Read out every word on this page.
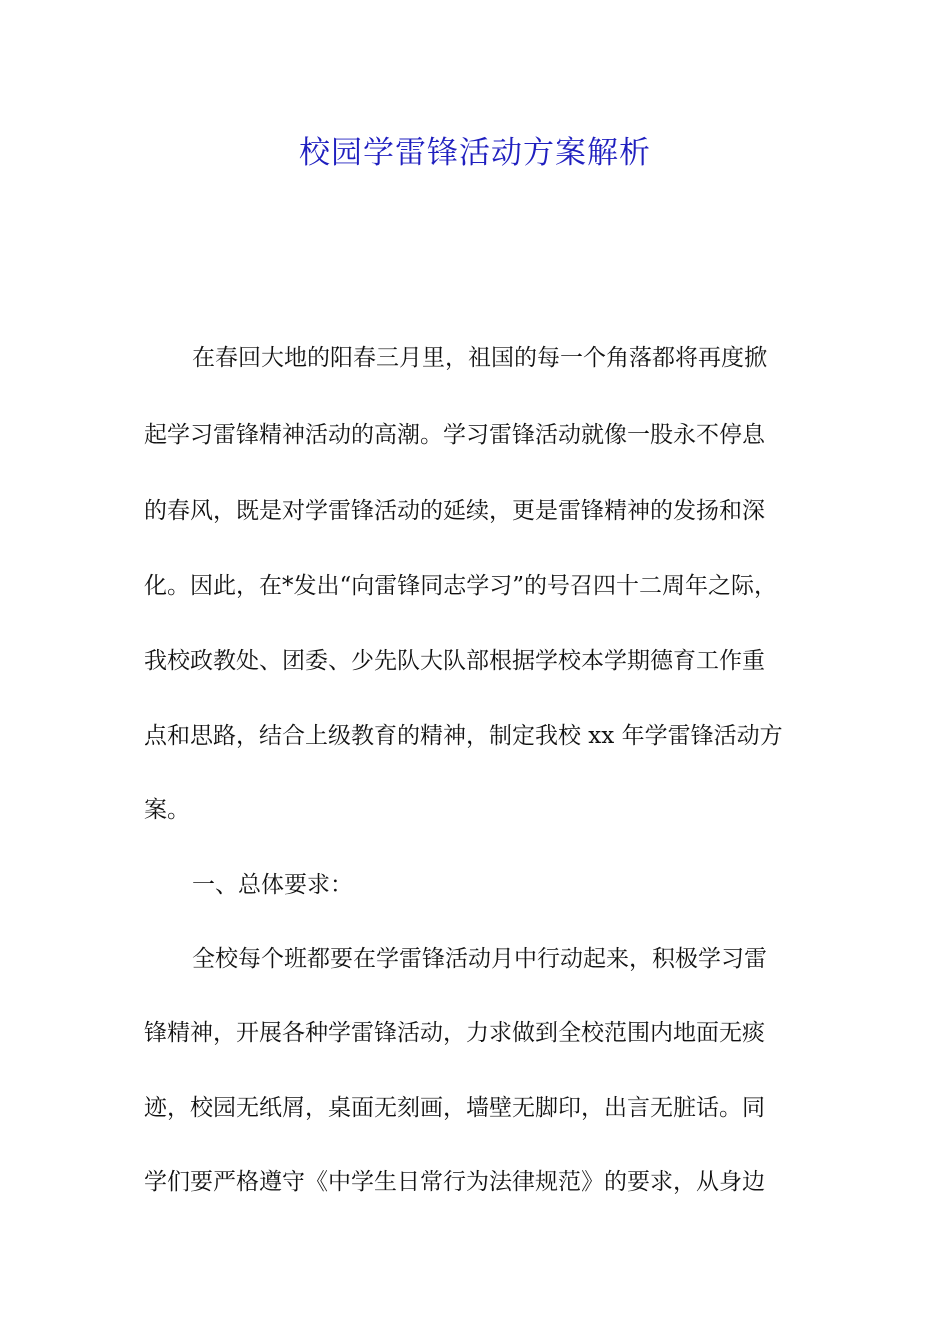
校园学雷锋活动方案解析
在春回大地的阳春三月里，祖国的每一个角落都将再度掀
起学习雷锋精神活动的高潮。学习雷锋活动就像一股永不停息
的春风，既是对学雷锋活动的延续，更是雷锋精神的发扬和深
化。因此，在*发出“向雷锋同志学习”的号召四十二周年之际，
我校政教处、团委、少先队大队部根据学校本学期德育工作重
点和思路，结合上级教育的精神，制定我校 xx 年学雷锋活动方
案。
一、总体要求：
全校每个班都要在学雷锋活动月中行动起来，积极学习雷
锋精神，开展各种学雷锋活动，力求做到全校范围内地面无痰
迹，校园无纸屑，桌面无刻画，墙壁无脚印，出言无脏话。同
学们要严格遵守《中学生日常行为法律规范》的要求，从身边
